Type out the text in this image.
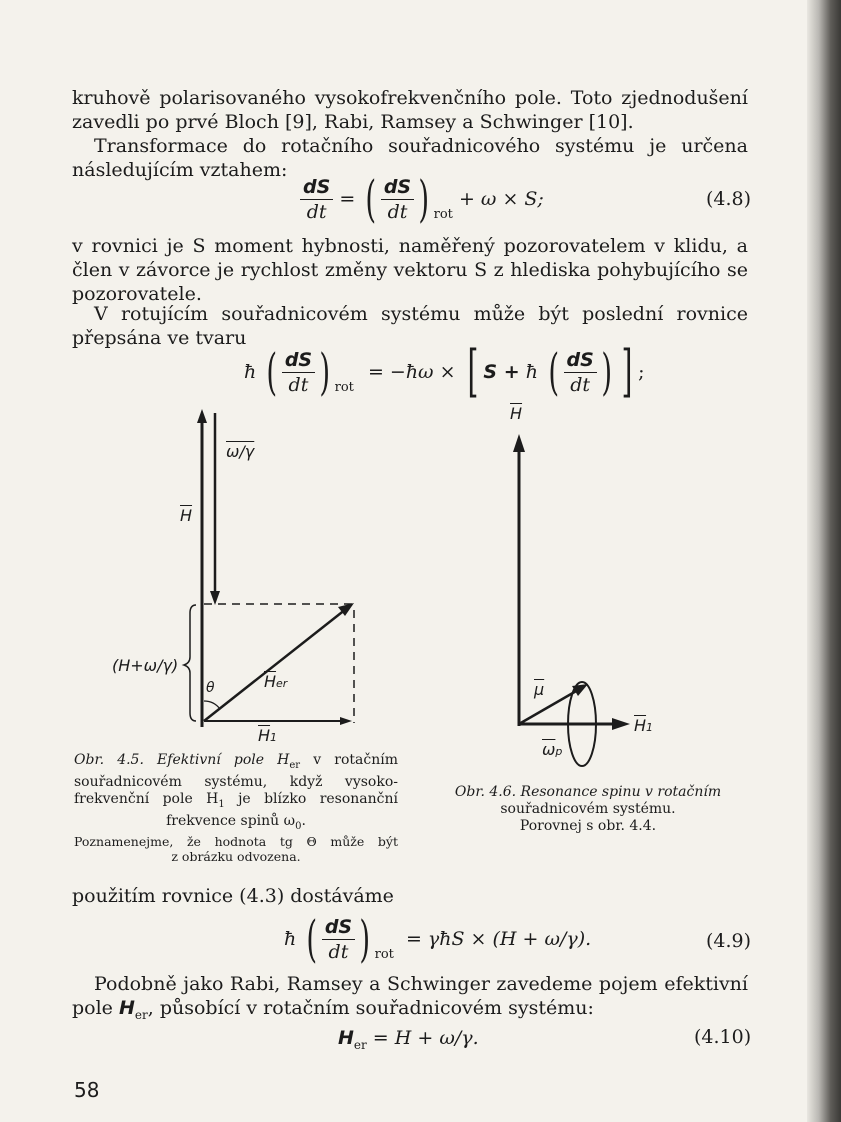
kruhově polarisovaného vysokofrekvenčního pole. Toto zjednodušení zavedli po prvé Bloch [9], Rabi, Ramsey a Schwinger [10].

Transformace do rotačního souřadnicového systému je určena následujícím vztahem:

$\frac{dS}{dt}$ = ( $\frac{dS}{dt}$ ) $_{rot}$ + ω × S;	(4.8)

v rovnici je S moment hybnosti, naměřený pozorovatelem v klidu, a člen v závorce je rychlost změny vektoru S z hlediska pohybujícího se pozorovatele.

V rotujícím souřadnicovém systému může být poslední rovnice přepsána ve tvaru

ħ ( $\frac{dS}{dt}$ ) $_{rot}$ = −ħω × [ S + ħ ( $\frac{dS}{dt}$ ) ] ;
ω/γ
$\overline{H}$
(H+ω/γ)
θ	$\overline{H}er$
$\overline{H}1$
Obr. 4.5. Efektivní pole $H_{er}$ v rotačním
souřadnicovém systému, když vysoko-
frekvenční pole $H_1$ je blízko resonanční
frekvence spinů $\omega_0$.
Poznamenejme, že hodnota tg Θ může být
z obrázku odvozena.
$\overline{H}$
$\overline{\mu}$
$\overline{\omega}p$
$\overline{H}1$
Obr. 4.6. Resonance spinu v rotačním
souřadnicovém systému.
Porovnej s obr. 4.4.

použitím rovnice (4.3) dostáváme

ħ ( $\frac{dS}{dt}$ ) $_{rot}$ = γħS × (H + ω/γ).	(4.9)

Podobně jako Rabi, Ramsey a Schwinger zavedeme pojem efektivní pole $H_{er}$, působící v rotačním souřadnicovém systému:

$H_{er} = H + \omega/\gamma$.	(4.10)
58
